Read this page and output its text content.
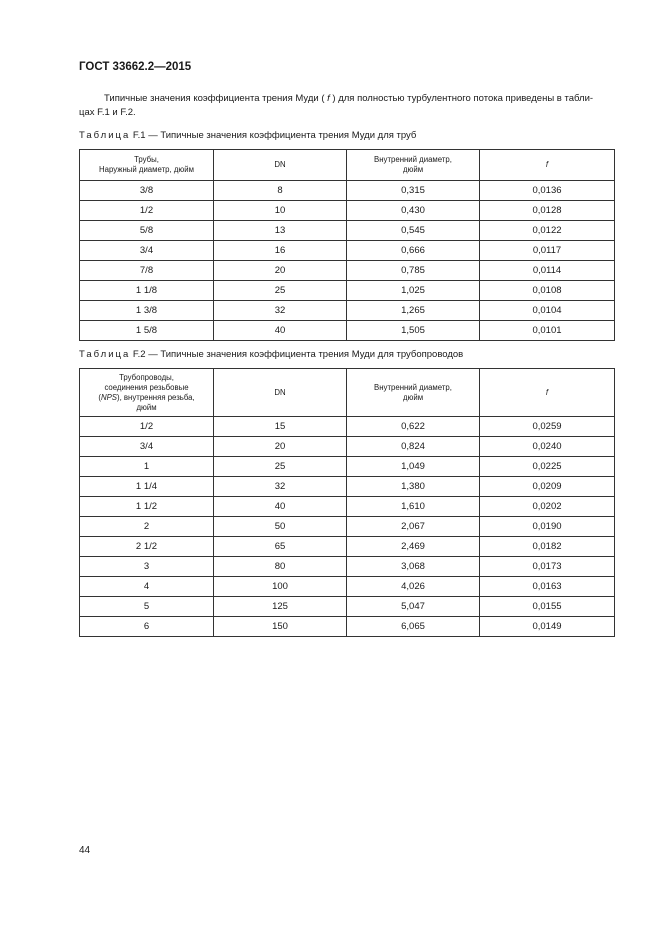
ГОСТ 33662.2—2015
Типичные значения коэффициента трения Муди ( f ) для полностью турбулентного потока приведены в табли-
цах F.1 и F.2.
Таблица F.1 — Типичные значения коэффициента трения Муди для труб
Трубы,
Наружный диаметр, дюйм	DN	Внутренний диаметр,
дюйм	f
3/8	8	0,315	0,0136
1/2	10	0,430	0,0128
5/8	13	0,545	0,0122
3/4	16	0,666	0,0117
7/8	20	0,785	0,0114
1 1/8	25	1,025	0,0108
1 3/8	32	1,265	0,0104
1 5/8	40	1,505	0,0101
Таблица F.2 — Типичные значения коэффициента трения Муди для трубопроводов
Трубопроводы,
соединения резьбовые
(NPS), внутренняя резьба,
дюйм	DN	Внутренний диаметр,
дюйм	f
1/2	15	0,622	0,0259
3/4	20	0,824	0,0240
1	25	1,049	0,0225
1 1/4	32	1,380	0,0209
1 1/2	40	1,610	0,0202
2	50	2,067	0,0190
2 1/2	65	2,469	0,0182
3	80	3,068	0,0173
4	100	4,026	0,0163
5	125	5,047	0,0155
6	150	6,065	0,0149
44
